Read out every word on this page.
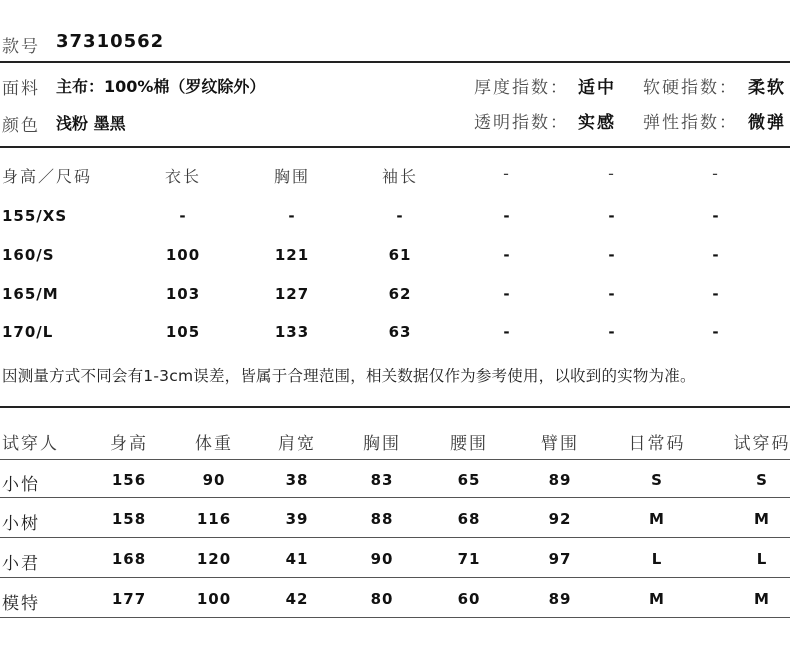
款号 37310562
面料 主布：100%棉（罗纹除外）
颜色 浅粉 墨黑
厚度指数： 适中 软硬指数： 柔软
透明指数： 实感 弹性指数： 微弹
身高／尺码	衣长	胸围	袖长	-	-	-
155/XS	-	-	-	-	-	-
160/S	100	121	61	-	-	-
165/M	103	127	62	-	-	-
170/L	105	133	63	-	-	-
因测量方式不同会有1-3cm误差，皆属于合理范围，相关数据仅作为参考使用，以收到的实物为准。
试穿人	身高	体重	肩宽	胸围	腰围	臂围	日常码	试穿码
小怡	156	90	38	83	65	89	S	S
小树	158	116	39	88	68	92	M	M
小君	168	120	41	90	71	97	L	L
模特	177	100	42	80	60	89	M	M
